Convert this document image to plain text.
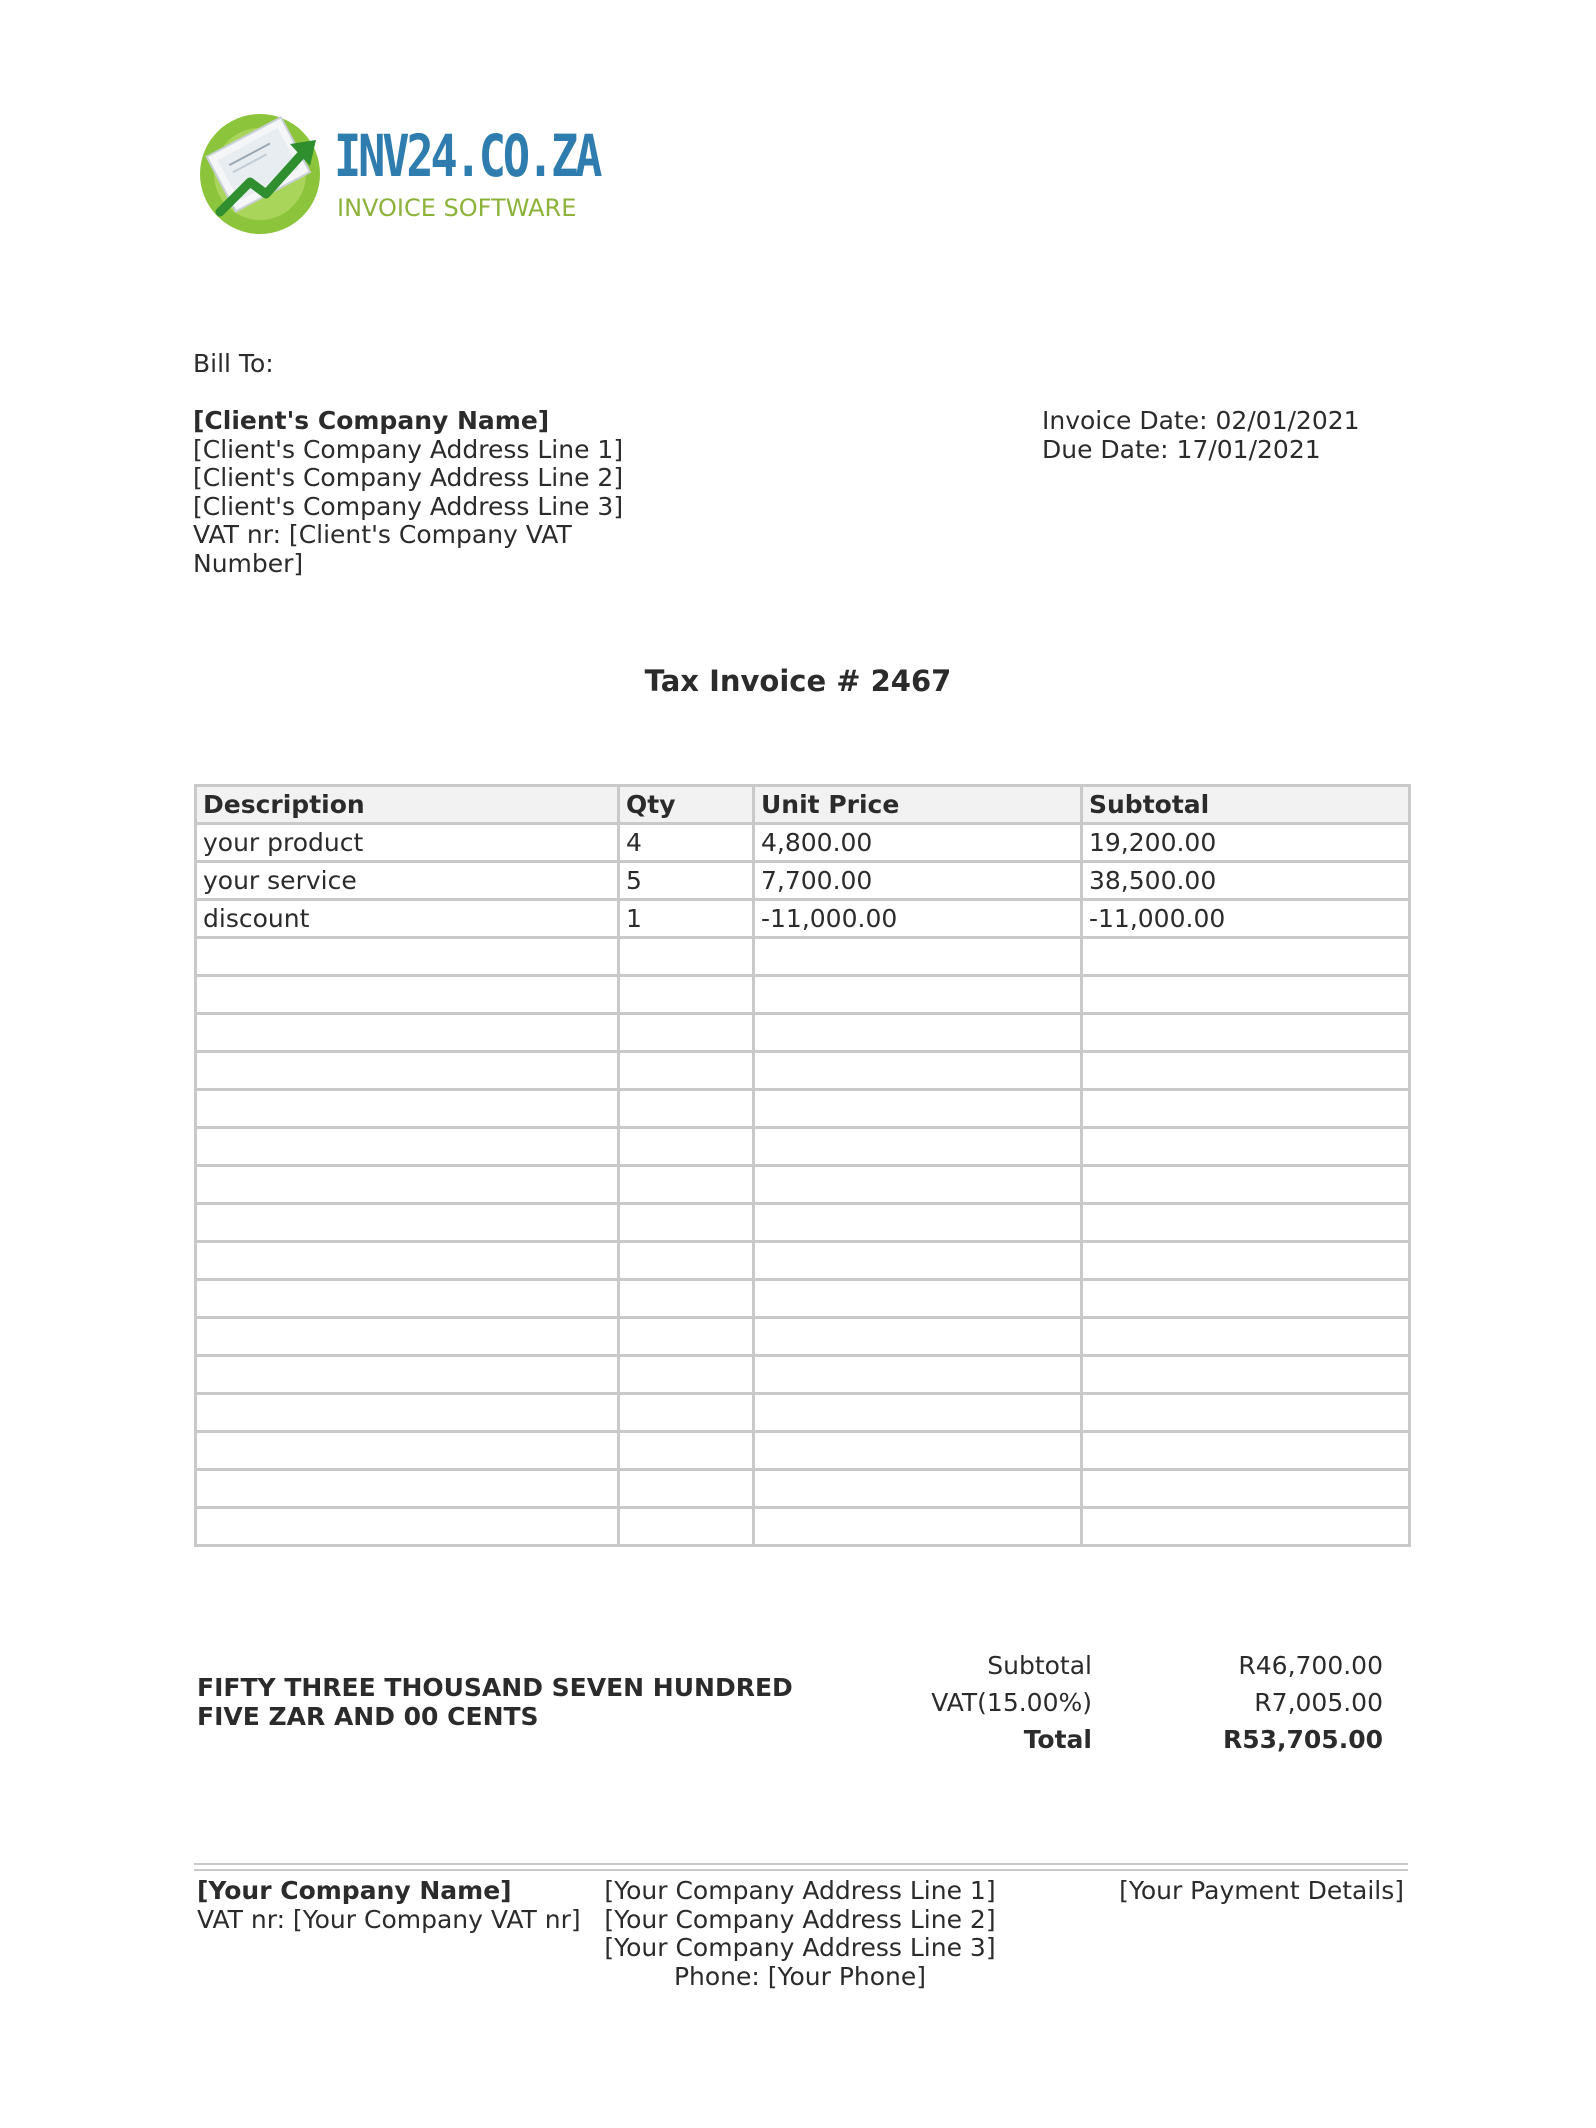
INV24.CO.ZA
INVOICE SOFTWARE
Bill To:
[Client's Company Name]
[Client's Company Address Line 1]
[Client's Company Address Line 2]
[Client's Company Address Line 3]
VAT nr: [Client's Company VAT
Number]
Invoice Date: 02/01/2021
Due Date: 17/01/2021
Tax Invoice # 2467
Description	Qty	Unit Price	Subtotal
your product	4	4,800.00	19,200.00
your service	5	7,700.00	38,500.00
discount	1	-11,000.00	-11,000.00

FIFTY THREE THOUSAND SEVEN HUNDRED
FIVE ZAR AND 00 CENTS
Subtotal	R46,700.00
VAT(15.00%)	R7,005.00
Total	R53,705.00
[Your Company Name]
VAT nr: [Your Company VAT nr]
[Your Company Address Line 1]
[Your Company Address Line 2]
[Your Company Address Line 3]
Phone: [Your Phone]
[Your Payment Details]
